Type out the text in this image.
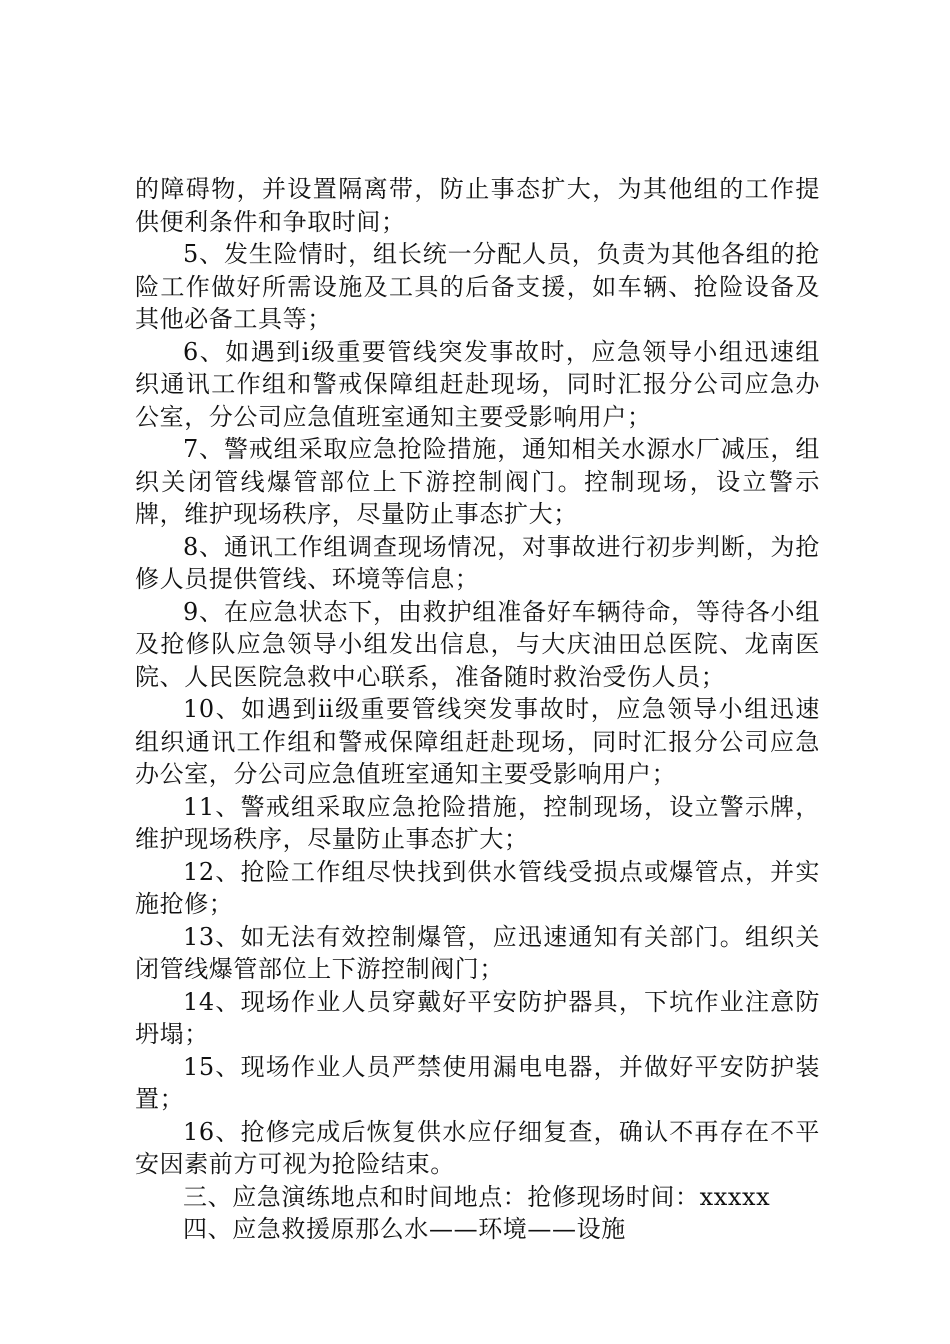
的障碍物，并设置隔离带，防止事态扩大，为其他组的工作提供便利条件和争取时间；

5、发生险情时，组长统一分配人员，负责为其他各组的抢险工作做好所需设施及工具的后备支援，如车辆、抢险设备及其他必备工具等；

6、如遇到ⅰ级重要管线突发事故时，应急领导小组迅速组织通讯工作组和警戒保障组赶赴现场，同时汇报分公司应急办公室，分公司应急值班室通知主要受影响用户；

7、警戒组采取应急抢险措施，通知相关水源水厂减压，组织关闭管线爆管部位上下游控制阀门。控制现场，设立警示牌，维护现场秩序，尽量防止事态扩大；

8、通讯工作组调查现场情况，对事故进行初步判断，为抢修人员提供管线、环境等信息；

9、在应急状态下，由救护组准备好车辆待命，等待各小组及抢修队应急领导小组发出信息，与大庆油田总医院、龙南医院、人民医院急救中心联系，准备随时救治受伤人员；

10、如遇到ⅱ级重要管线突发事故时，应急领导小组迅速组织通讯工作组和警戒保障组赶赴现场，同时汇报分公司应急办公室，分公司应急值班室通知主要受影响用户；

11、警戒组采取应急抢险措施，控制现场，设立警示牌，维护现场秩序，尽量防止事态扩大；

12、抢险工作组尽快找到供水管线受损点或爆管点，并实施抢修；

13、如无法有效控制爆管，应迅速通知有关部门。组织关闭管线爆管部位上下游控制阀门；

14、现场作业人员穿戴好平安防护器具，下坑作业注意防坍塌；

15、现场作业人员严禁使用漏电电器，并做好平安防护装置；

16、抢修完成后恢复供水应仔细复查，确认不再存在不平安因素前方可视为抢险结束。

三、应急演练地点和时间地点：抢修现场时间：xxxxx

四、应急救援原那么水——环境——设施
